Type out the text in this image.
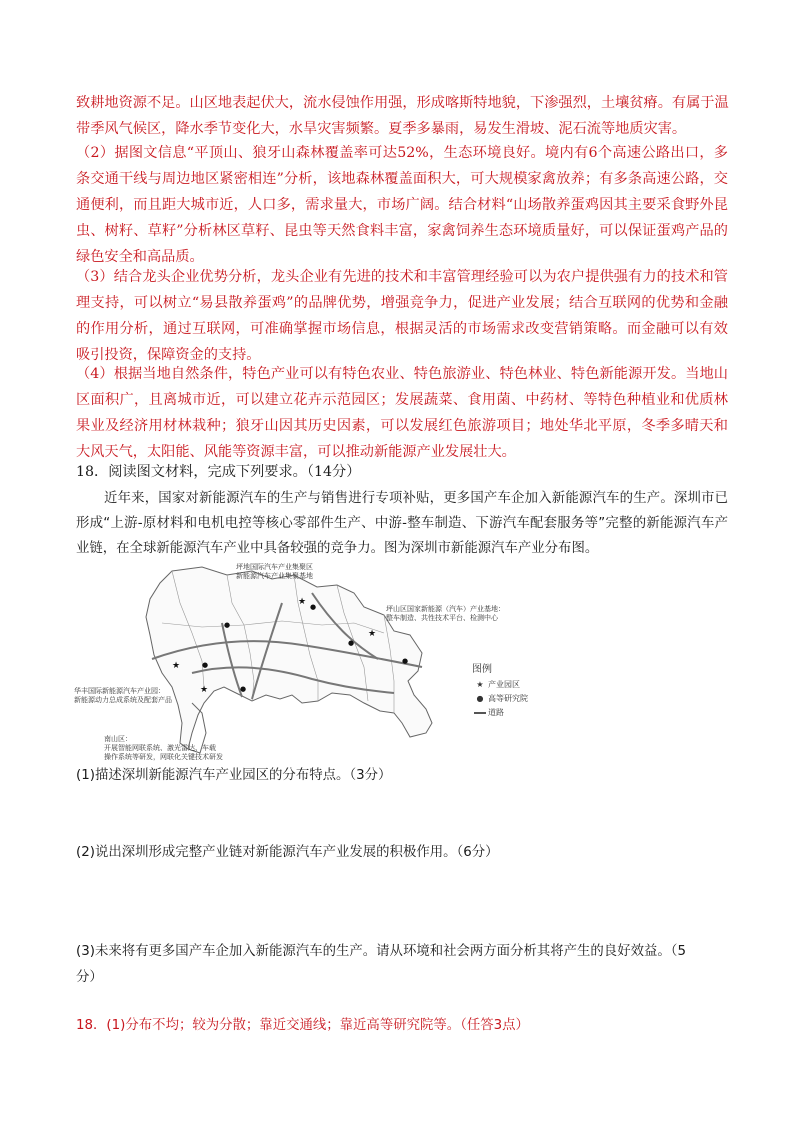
致耕地资源不足。山区地表起伏大，流水侵蚀作用强，形成喀斯特地貌，下渗强烈，土壤贫瘠。有属于温
带季风气候区，降水季节变化大，水旱灾害频繁。夏季多暴雨，易发生滑坡、泥石流等地质灾害。
（2）据图文信息“平顶山、狼牙山森林覆盖率可达52%，生态环境良好。境内有6个高速公路出口，多条交通干线与周边地区紧密相连”分析，该地森林覆盖面积大，可大规模家禽放养；有多条高速公路，交通便利，而且距大城市近，人口多，需求量大，市场广阔。结合材料“山场散养蛋鸡因其主要采食野外昆虫、树籽、草籽”分析林区草籽、昆虫等天然食料丰富，家禽饲养生态环境质量好，可以保证蛋鸡产品的绿色安全和高品质。
（3）结合龙头企业优势分析，龙头企业有先进的技术和丰富管理经验可以为农户提供强有力的技术和管理支持，可以树立“易县散养蛋鸡”的品牌优势，增强竞争力，促进产业发展；结合互联网的优势和金融的作用分析，通过互联网，可准确掌握市场信息，根据灵活的市场需求改变营销策略。而金融可以有效吸引投资，保障资金的支持。
（4）根据当地自然条件，特色产业可以有特色农业、特色旅游业、特色林业、特色新能源开发。当地山区面积广，且离城市近，可以建立花卉示范园区；发展蔬菜、食用菌、中药材、等特色种植业和优质林果业及经济用材林栽种；狼牙山因其历史因素，可以发展红色旅游项目；地处华北平原，冬季多晴天和大风天气，太阳能、风能等资源丰富，可以推动新能源产业发展壮大。
18．阅读图文材料，完成下列要求。（14分）
近年来，国家对新能源汽车的生产与销售进行专项补贴，更多国产车企加入新能源汽车的生产。深圳市已形成“上游-原材料和电机电控等核心零部件生产、中游-整车制造、下游汽车配套服务等”完整的新能源汽车产业链，在全球新能源汽车产业中具备较强的竞争力。图为深圳市新能源汽车产业分布图。
★
★
★
★
●
●
●
●	●
●
坪地国际汽车产业集聚区
新能源汽车产业集聚基地
坪山区国家新能源（汽车）产业基地：
整车制造、共性技术平台、检测中心
华丰国际新能源汽车产业园：
新能源动力总成系统及配套产品
南山区：
开展智能网联系统、激光雷达、车载
操作系统等研发，网联化关键技术研发
图例
★ 产业园区
● 高等研究院
道路
(1)描述深圳新能源汽车产业园区的分布特点。（3分）
(2)说出深圳形成完整产业链对新能源汽车产业发展的积极作用。（6分）
(3)未来将有更多国产车企加入新能源汽车的生产。请从环境和社会两方面分析其将产生的良好效益。（5
分）
18．(1)分布不均；较为分散；靠近交通线；靠近高等研究院等。（任答3点）
